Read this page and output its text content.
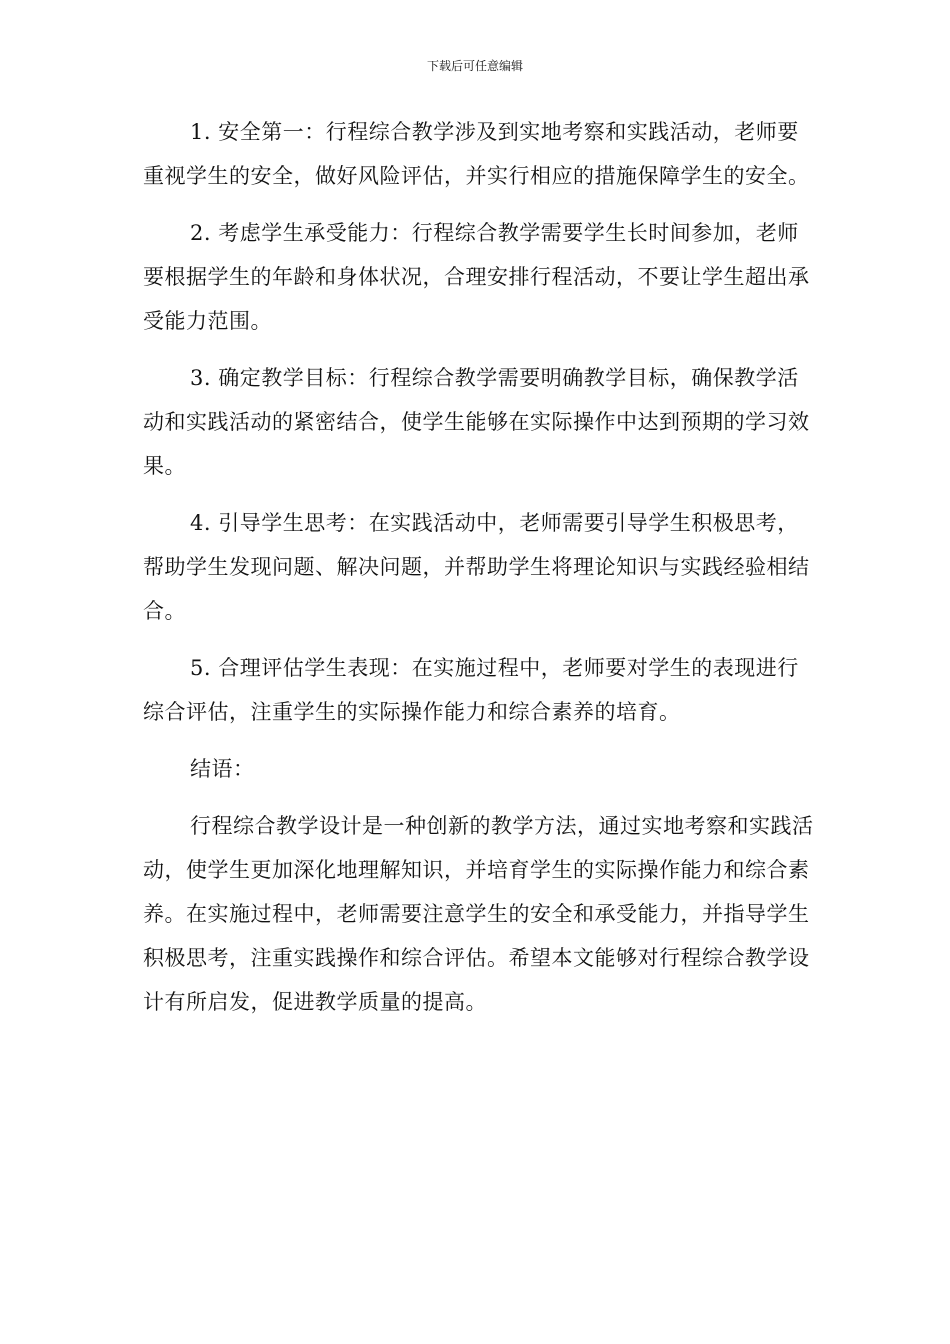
下载后可任意编辑

1. 安全第一：行程综合教学涉及到实地考察和实践活动，老师要重视学生的安全，做好风险评估，并实行相应的措施保障学生的安全。

2. 考虑学生承受能力：行程综合教学需要学生长时间参加，老师要根据学生的年龄和身体状况，合理安排行程活动，不要让学生超出承受能力范围。

3. 确定教学目标：行程综合教学需要明确教学目标，确保教学活动和实践活动的紧密结合，使学生能够在实际操作中达到预期的学习效果。

4. 引导学生思考：在实践活动中，老师需要引导学生积极思考，帮助学生发现问题、解决问题，并帮助学生将理论知识与实践经验相结合。

5. 合理评估学生表现：在实施过程中，老师要对学生的表现进行综合评估，注重学生的实际操作能力和综合素养的培育。

结语：

行程综合教学设计是一种创新的教学方法，通过实地考察和实践活动，使学生更加深化地理解知识，并培育学生的实际操作能力和综合素养。在实施过程中，老师需要注意学生的安全和承受能力，并指导学生积极思考，注重实践操作和综合评估。希望本文能够对行程综合教学设计有所启发，促进教学质量的提高。
